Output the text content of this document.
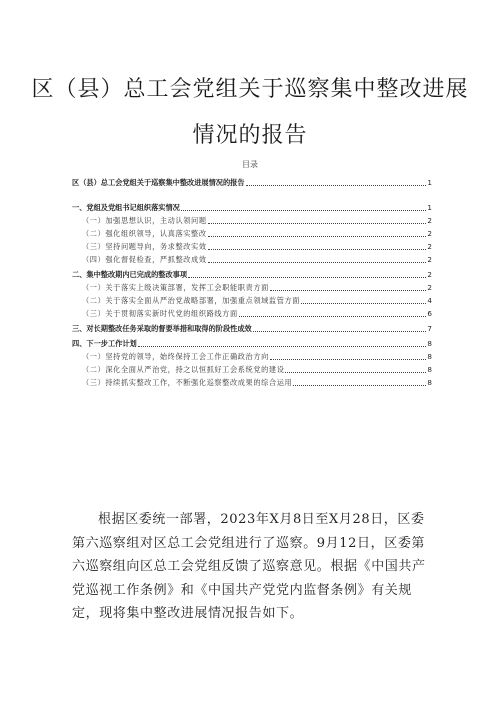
区（县）总工会党组关于巡察集中整改进展
情况的报告
目录
区（县）总工会党组关于巡察集中整改进展情况的报告	1
一、党组及党组书记组织落实情况	1
（一）加强思想认识，主动认领问题	2
（二）强化组织领导，认真落实整改	2
（三）坚持问题导向，务求整改实效	2
（四）强化督促检查，严抓整改成效	2
二、集中整改期内已完成的整改事项	2
（一）关于落实上级决策部署，发挥工会职能职责方面	2
（二）关于落实全面从严治党战略部署，加强重点领域监管方面	4
（三）关于贯彻落实新时代党的组织路线方面	6
三、对长期整改任务采取的督要举措和取得的阶段性成效	7
四、下一步工作计划	8
（一）坚持党的领导，始终保持工会工作正确政治方向	8
（二）深化全面从严治党，持之以恒抓好工会系统党的建设	8
（三）持续抓实整改工作，不断强化巡察整改成果的综合运用	8

根据区委统一部署，2023年X月8日至X月28日，区委第六巡察组对区总工会党组进行了巡察。9月12日，区委第六巡察组向区总工会党组反馈了巡察意见。根据《中国共产党巡视工作条例》和《中国共产党党内监督条例》有关规定，现将集中整改进展情况报告如下。
